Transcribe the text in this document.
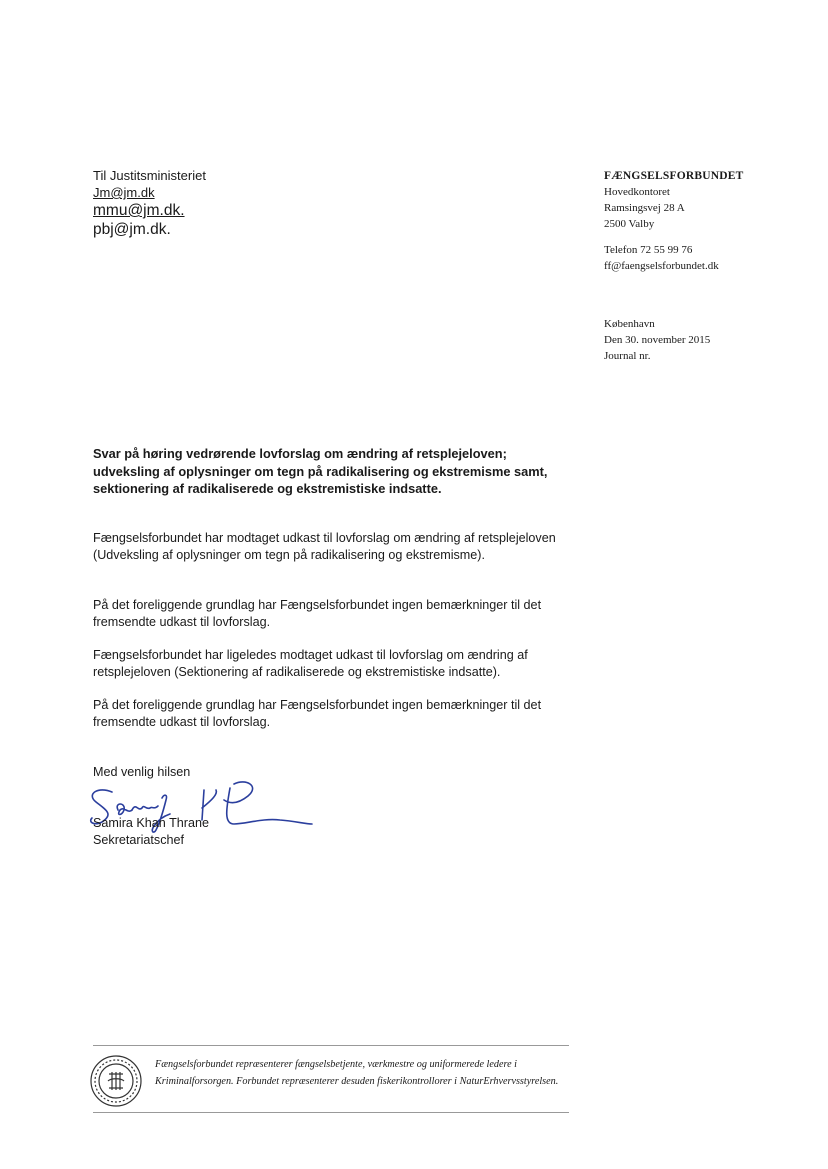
Til Justitsministeriet
Jm@jm.dk
mmu@jm.dk.
pbj@jm.dk.
FÆNGSELSFORBUNDET
Hovedkontoret
Ramsingsvej 28 A
2500 Valby
Telefon 72 55 99 76
ff@faengselsforbundet.dk
København
Den 30. november 2015
Journal nr.
Svar på høring vedrørende lovforslag om ændring af retsplejeloven; udveksling af oplysninger om tegn på radikalisering og ekstremisme samt, sektionering af radikaliserede og ekstremistiske indsatte.
Fængselsforbundet har modtaget udkast til lovforslag om ændring af retsplejeloven (Udveksling af oplysninger om tegn på radikalisering og ekstremisme).
På det foreliggende grundlag har Fængselsforbundet ingen bemærkninger til det fremsendte udkast til lovforslag.
Fængselsforbundet har ligeledes modtaget udkast til lovforslag om ændring af retsplejeloven (Sektionering af radikaliserede og ekstremistiske indsatte).
På det foreliggende grundlag har Fængselsforbundet ingen bemærkninger til det fremsendte udkast til lovforslag.
Med venlig hilsen
Samira Khan Thrane
Sekretariatschef
Fængselsforbundet repræsenterer fængselsbetjente, værkmestre og uniformerede ledere i Kriminalforsorgen. Forbundet repræsenterer desuden fiskerikontrollorer i NaturErhvervsstyrelsen.
